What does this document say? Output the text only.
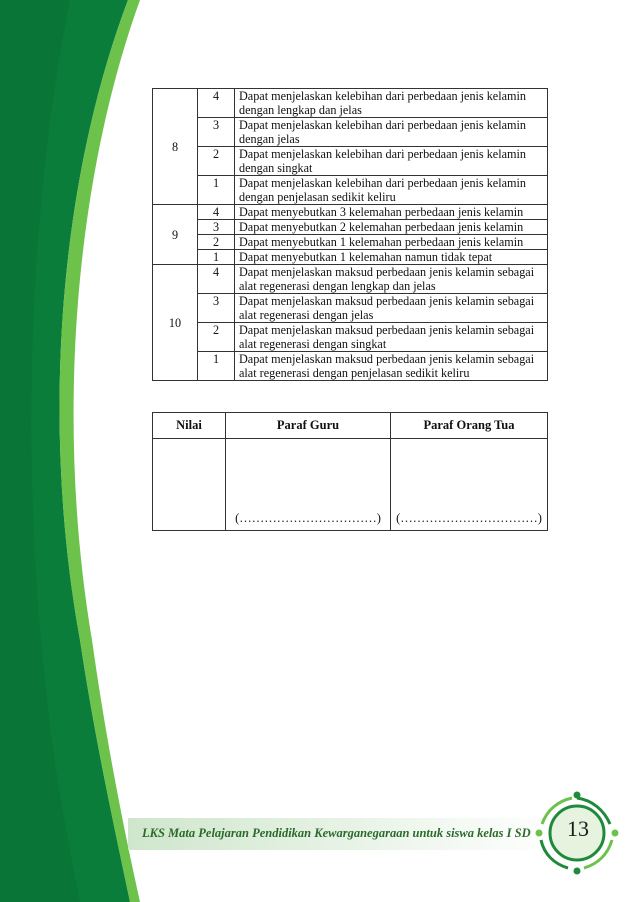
8	4	Dapat menjelaskan kelebihan dari perbedaan jenis kelamin dengan lengkap dan jelas
	3	Dapat menjelaskan kelebihan dari perbedaan jenis kelamin dengan jelas
	2	Dapat menjelaskan kelebihan dari perbedaan jenis kelamin dengan singkat
	1	Dapat menjelaskan kelebihan dari perbedaan jenis kelamin dengan penjelasan sedikit keliru
9	4	Dapat menyebutkan 3 kelemahan perbedaan jenis kelamin
	3	Dapat menyebutkan 2 kelemahan perbedaan jenis kelamin
	2	Dapat menyebutkan 1 kelemahan perbedaan jenis kelamin
	1	Dapat menyebutkan 1 kelemahan namun tidak tepat
10	4	Dapat menjelaskan maksud perbedaan jenis kelamin sebagai alat regenerasi dengan lengkap dan jelas
	3	Dapat menjelaskan maksud perbedaan jenis kelamin sebagai alat regenerasi dengan jelas
	2	Dapat menjelaskan maksud perbedaan jenis kelamin sebagai alat regenerasi dengan singkat
	1	Dapat menjelaskan maksud perbedaan jenis kelamin sebagai alat regenerasi dengan penjelasan sedikit keliru
Nilai	Paraf Guru	Paraf Orang Tua
	(……………………………)	(……………………………)
LKS Mata Pelajaran Pendidikan Kewarganegaraan untuk siswa kelas I SD	13
